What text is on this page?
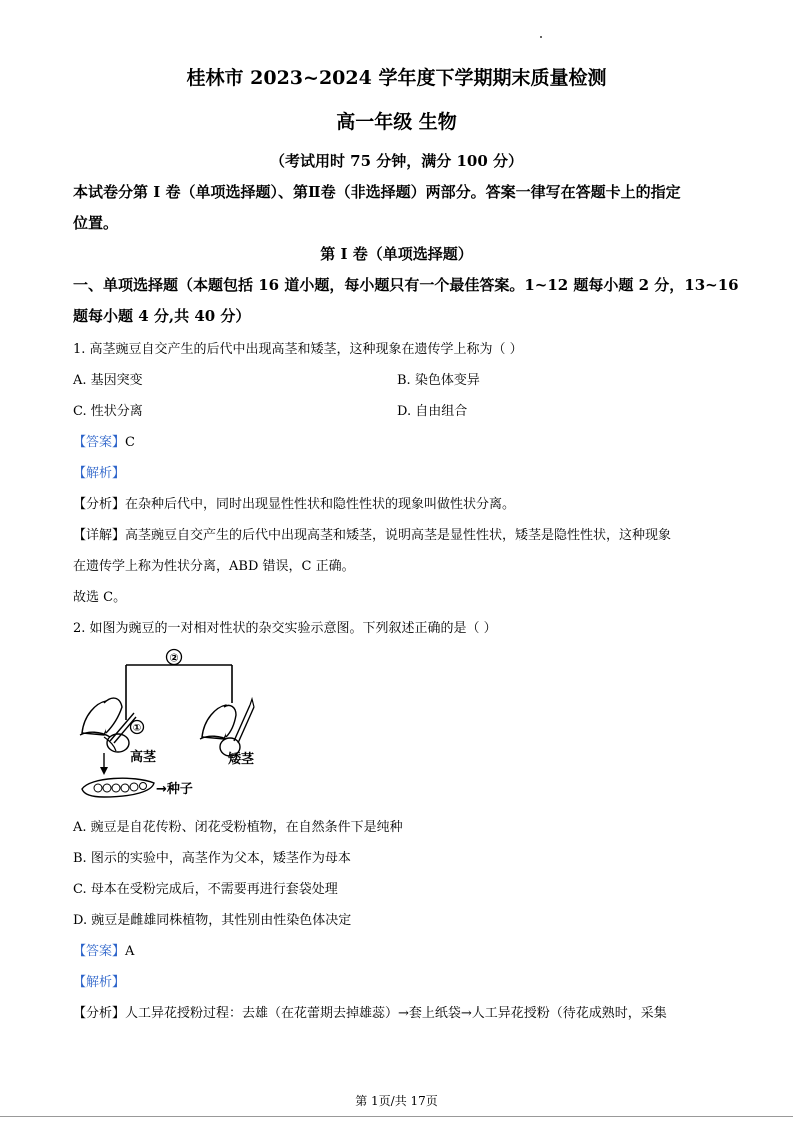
桂林市 2023~2024 学年度下学期期末质量检测
高一年级 生物
（考试用时 75 分钟，满分 100 分）
本试卷分第 I 卷（单项选择题）、第Ⅱ卷（非选择题）两部分。答案一律写在答题卡上的指定
位置。
第 I 卷（单项选择题）
一、单项选择题（本题包括 16 道小题，每小题只有一个最佳答案。1~12 题每小题 2 分，13~16
题每小题 4 分,共 40 分）
1. 高茎豌豆自交产生的后代中出现高茎和矮茎，这种现象在遗传学上称为（ ）
A. 基因突变	B. 染色体变异
C. 性状分离	D. 自由组合
【答案】C
【解析】
【分析】在杂种后代中，同时出现显性性状和隐性性状的现象叫做性状分离。
【详解】高茎豌豆自交产生的后代中出现高茎和矮茎，说明高茎是显性性状，矮茎是隐性性状，这种现象
在遗传学上称为性状分离，ABD 错误，C 正确。
故选 C。
2. 如图为豌豆的一对相对性状的杂交实验示意图。下列叙述正确的是（ ）
②
①
高茎	矮茎
→种子
A. 豌豆是自花传粉、闭花受粉植物，在自然条件下是纯种
B. 图示的实验中，高茎作为父本，矮茎作为母本
C. 母本在受粉完成后，不需要再进行套袋处理
D. 豌豆是雌雄同株植物，其性别由性染色体决定
【答案】A
【解析】
【分析】人工异花授粉过程：去雄（在花蕾期去掉雄蕊）→套上纸袋→人工异花授粉（待花成熟时，采集
第 1页/共 17页
